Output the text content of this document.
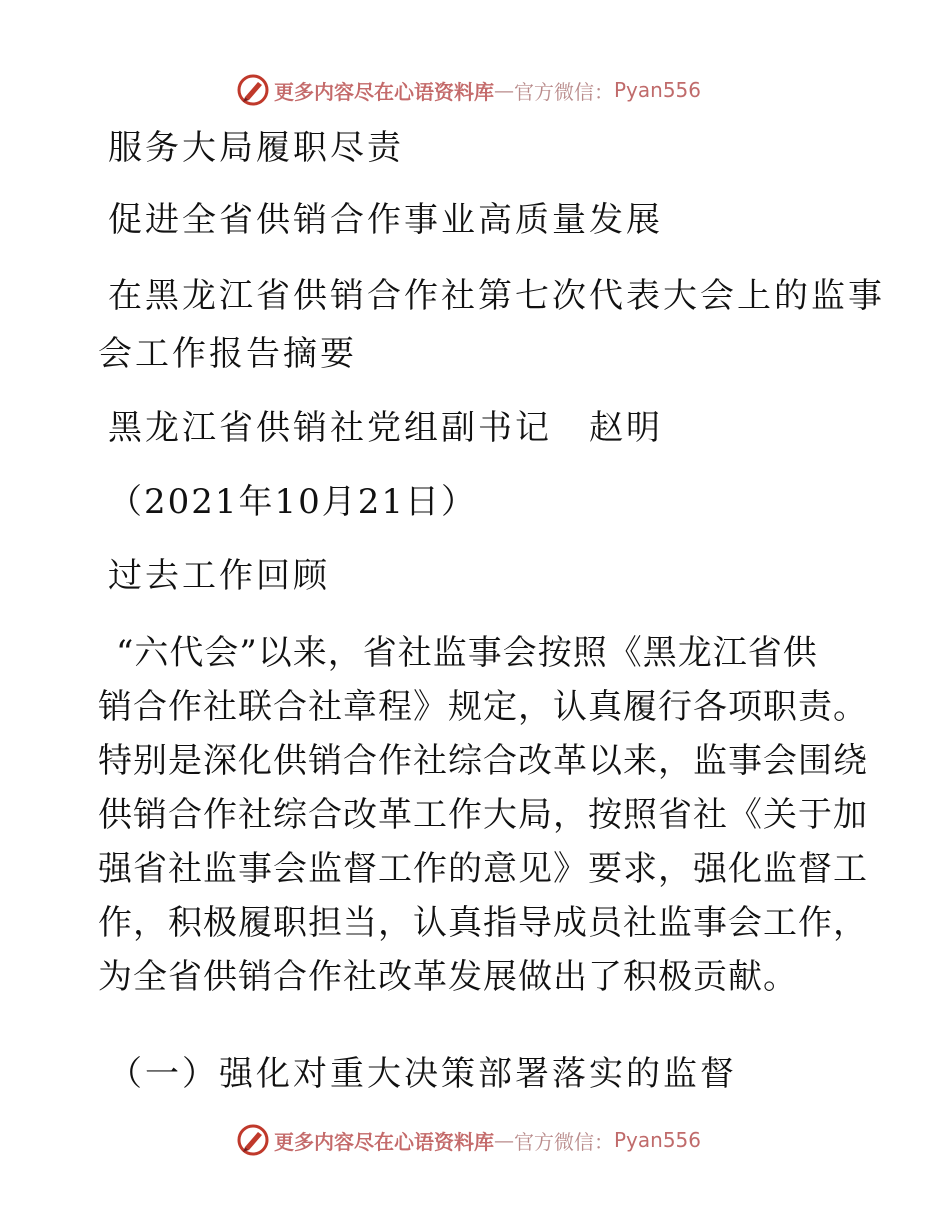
更多内容尽在心语资料库 — 官方微信： Pyan556
服务大局履职尽责
促进全省供销合作事业高质量发展
在黑龙江省供销合作社第七次代表大会上的监事
会工作报告摘要
黑龙江省供销社党组副书记　赵明
（2021年10月21日）
过去工作回顾
“六代会”以来，省社监事会按照《黑龙江省供
销合作社联合社章程》规定，认真履行各项职责。
特别是深化供销合作社综合改革以来，监事会围绕
供销合作社综合改革工作大局，按照省社《关于加
强省社监事会监督工作的意见》要求，强化监督工
作，积极履职担当，认真指导成员社监事会工作，
为全省供销合作社改革发展做出了积极贡献。
（一）强化对重大决策部署落实的监督
更多内容尽在心语资料库 — 官方微信： Pyan556
